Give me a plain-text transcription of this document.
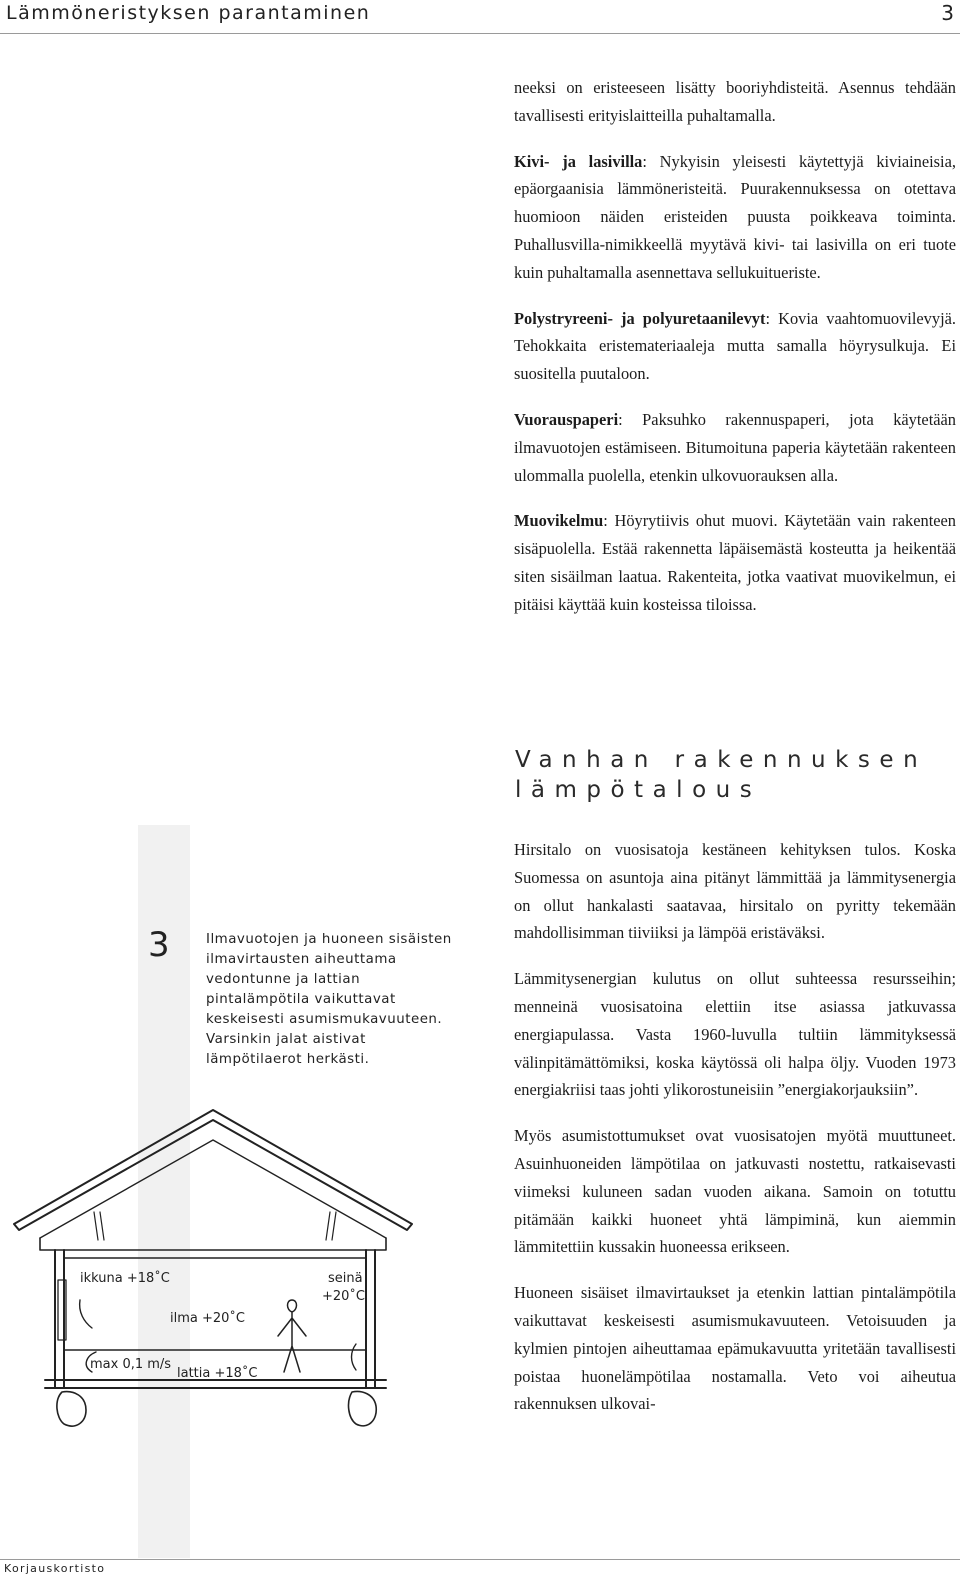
Lämmöneristyksen parantaminen	3

neeksi on eristeeseen lisätty booriyhdisteitä. Asennus tehdään tavallisesti erityislaitteilla puhaltamalla.

Kivi- ja lasivilla: Nykyisin yleisesti käytettyjä kiviaineisia, epäorgaanisia lämmöneristeitä. Puurakennuksessa on otettava huomioon näiden eristeiden puusta poikkeava toiminta. Puhallusvilla-nimikkeellä myytävä kivi- tai lasivilla on eri tuote kuin puhaltamalla asennettava sellukuitueriste.

Polystryreeni- ja polyuretaanilevyt: Kovia vaahtomuovilevyjä. Tehokkaita eristemateriaaleja mutta samalla höyrysulkuja. Ei suositella puutaloon.

Vuorauspaperi: Paksuhko rakennuspaperi, jota käytetään ilmavuotojen estämiseen. Bitumoituna paperia käytetään rakenteen ulommalla puolella, etenkin ulkovuorauksen alla.

Muovikelmu: Höyrytiivis ohut muovi. Käytetään vain rakenteen sisäpuolella. Estää rakennetta läpäisemästä kosteutta ja heikentää siten sisäilman laatua. Rakenteita, jotka vaativat muovikelmun, ei pitäisi käyttää kuin kosteissa tiloissa.

Vanhan rakennuksen
lämpötalous

Hirsitalo on vuosisatoja kestäneen kehityksen tulos. Koska Suomessa on asuntoja aina pitänyt lämmittää ja lämmitysenergia on ollut hankalasti saatavaa, hirsitalo on pyritty tekemään mahdollisimman tiiviiksi ja lämpöä eristäväksi.

Lämmitysenergian kulutus on ollut suhteessa resursseihin; menneinä vuosisatoina elettiin itse asiassa jatkuvassa energiapulassa. Vasta 1960-luvulla tultiin lämmityksessä välinpitämättömiksi, koska käytössä oli halpa öljy. Vuoden 1973 energiakriisi taas johti ylikorostuneisiin ”energiakorjauksiin”.

Myös asumistottumukset ovat vuosisatojen myötä muuttuneet. Asuinhuoneiden lämpötilaa on jatkuvasti nostettu, ratkaisevasti viimeksi kuluneen sadan vuoden aikana. Samoin on totuttu pitämään kaikki huoneet yhtä lämpiminä, kun aiemmin lämmitettiin kussakin huoneessa erikseen.

Huoneen sisäiset ilmavirtaukset ja etenkin lattian pintalämpötila vaikuttavat keskeisesti asumismukavuuteen. Vetoisuuden ja kylmien pintojen aiheuttamaa epämukavuutta yritetään tavallisesti poistaa huonelämpötilaa nostamalla. Veto voi aiheutua rakennuksen ulkovai-

3	Ilmavuotojen ja huoneen sisäisten
ilmavirtausten aiheuttama
vedontunne ja lattian
pintalämpötila vaikuttavat
keskeisesti asumismukavuuteen.
Varsinkin jalat aistivat
lämpötilaerot herkästi.
ikkuna +18˚C
ilma +20˚C
seinä
+20˚C
max 0,1 m/s
lattia +18˚C
Korjauskortisto
